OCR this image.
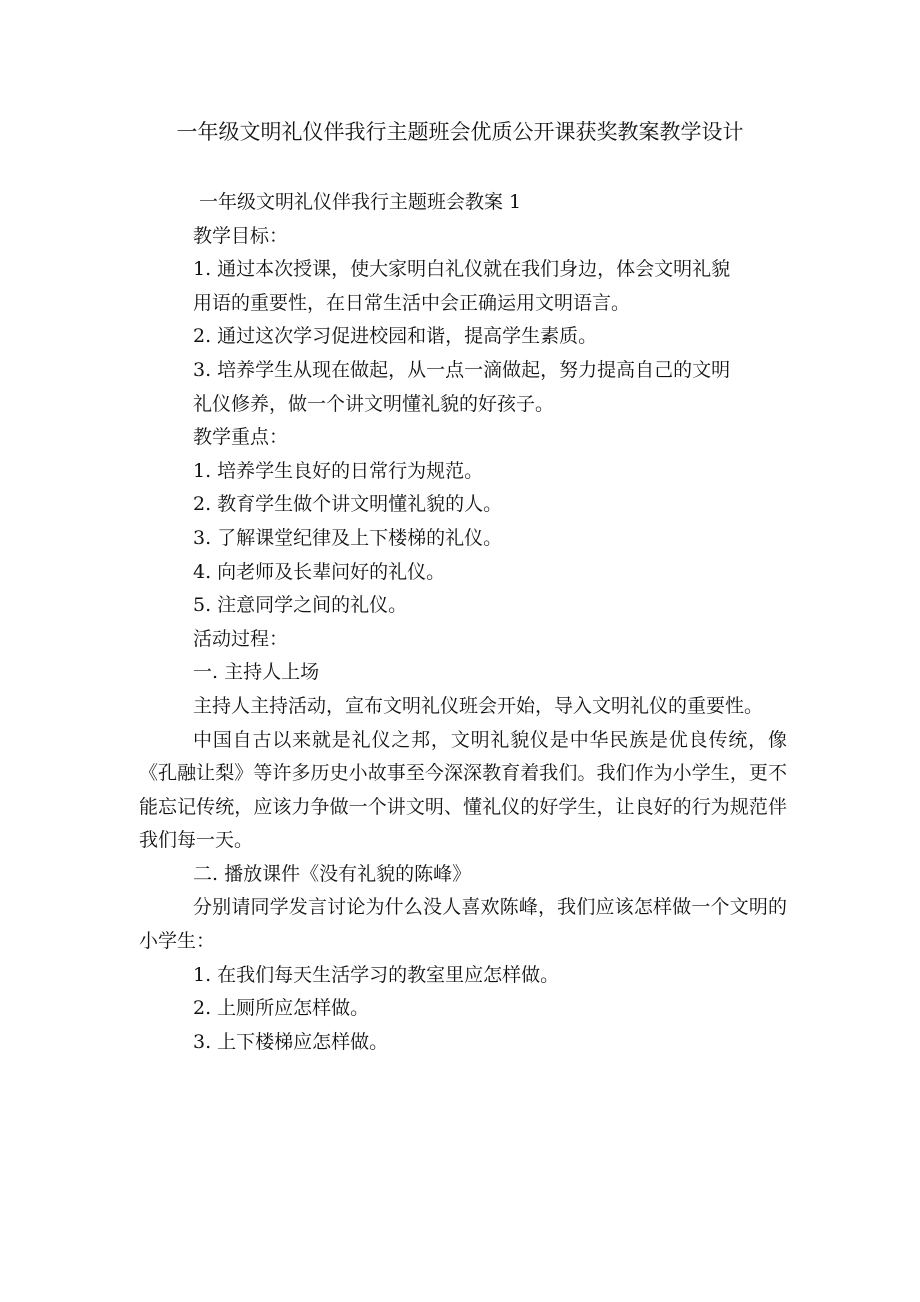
一年级文明礼仪伴我行主题班会优质公开课获奖教案教学设计
一年级文明礼仪伴我行主题班会教案 1
教学目标：
1. 通过本次授课，使大家明白礼仪就在我们身边，体会文明礼貌
用语的重要性，在日常生活中会正确运用文明语言。
2. 通过这次学习促进校园和谐，提高学生素质。
3. 培养学生从现在做起，从一点一滴做起，努力提高自己的文明
礼仪修养，做一个讲文明懂礼貌的好孩子。
教学重点：
1. 培养学生良好的日常行为规范。
2. 教育学生做个讲文明懂礼貌的人。
3. 了解课堂纪律及上下楼梯的礼仪。
4. 向老师及长辈问好的礼仪。
5. 注意同学之间的礼仪。
活动过程：
一. 主持人上场
主持人主持活动，宣布文明礼仪班会开始，导入文明礼仪的重要性。
中国自古以来就是礼仪之邦，文明礼貌仪是中华民族是优良传统，像《孔融让梨》等许多历史小故事至今深深教育着我们。我们作为小学生，更不能忘记传统，应该力争做一个讲文明、懂礼仪的好学生，让良好的行为规范伴我们每一天。
二. 播放课件《没有礼貌的陈峰》
分别请同学发言讨论为什么没人喜欢陈峰，我们应该怎样做一个文明的小学生：
1. 在我们每天生活学习的教室里应怎样做。
2. 上厕所应怎样做。
3. 上下楼梯应怎样做。
